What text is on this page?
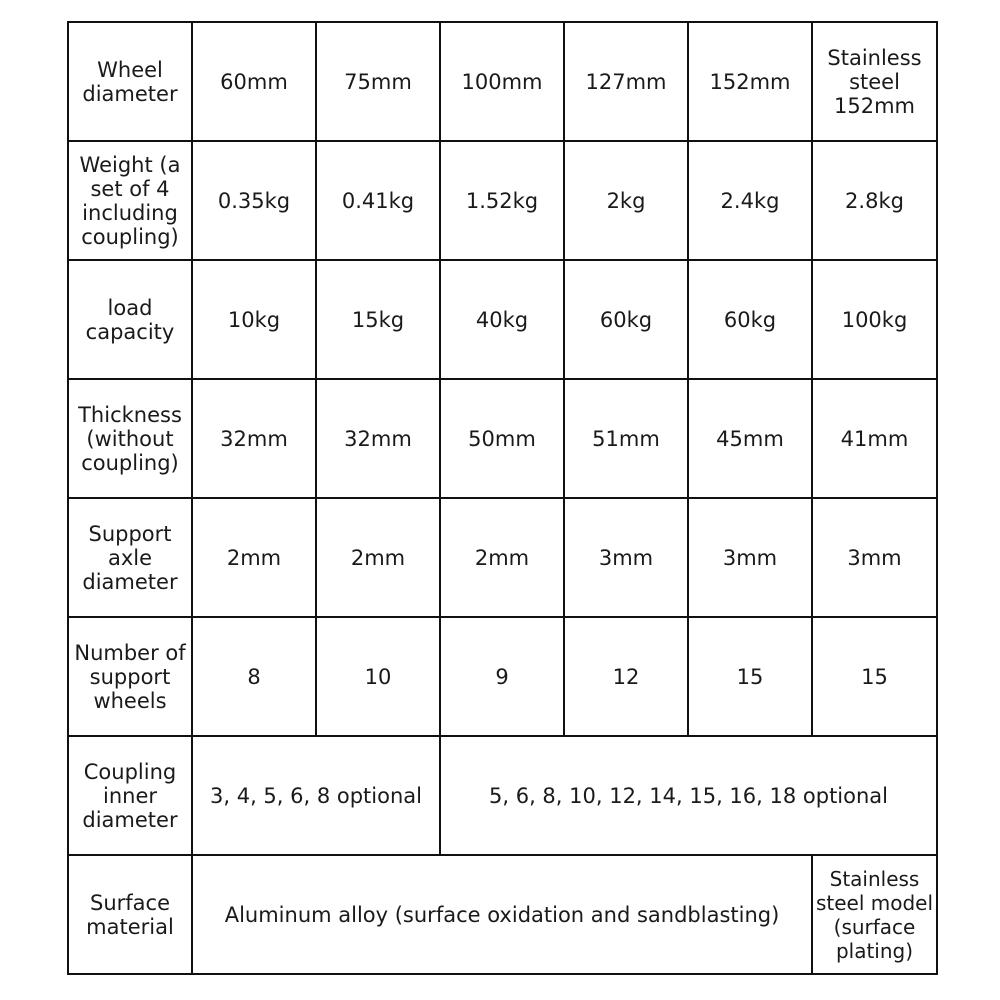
Wheel
diameter	60mm	75mm	100mm	127mm	152mm	Stainless
steel
152mm
Weight (a
set of 4
including
coupling)	0.35kg	0.41kg	1.52kg	2kg	2.4kg	2.8kg
load
capacity	10kg	15kg	40kg	60kg	60kg	100kg
Thickness
(without
coupling)	32mm	32mm	50mm	51mm	45mm	41mm
Support
axle
diameter	2mm	2mm	2mm	3mm	3mm	3mm
Number of
support
wheels	8	10	9	12	15	15
Coupling
inner
diameter	3, 4, 5, 6, 8 optional		5, 6, 8, 10, 12, 14, 15, 16, 18 optional			
Surface
material	Aluminum alloy (surface oxidation and sandblasting)					Stainless
steel model
(surface
plating)
